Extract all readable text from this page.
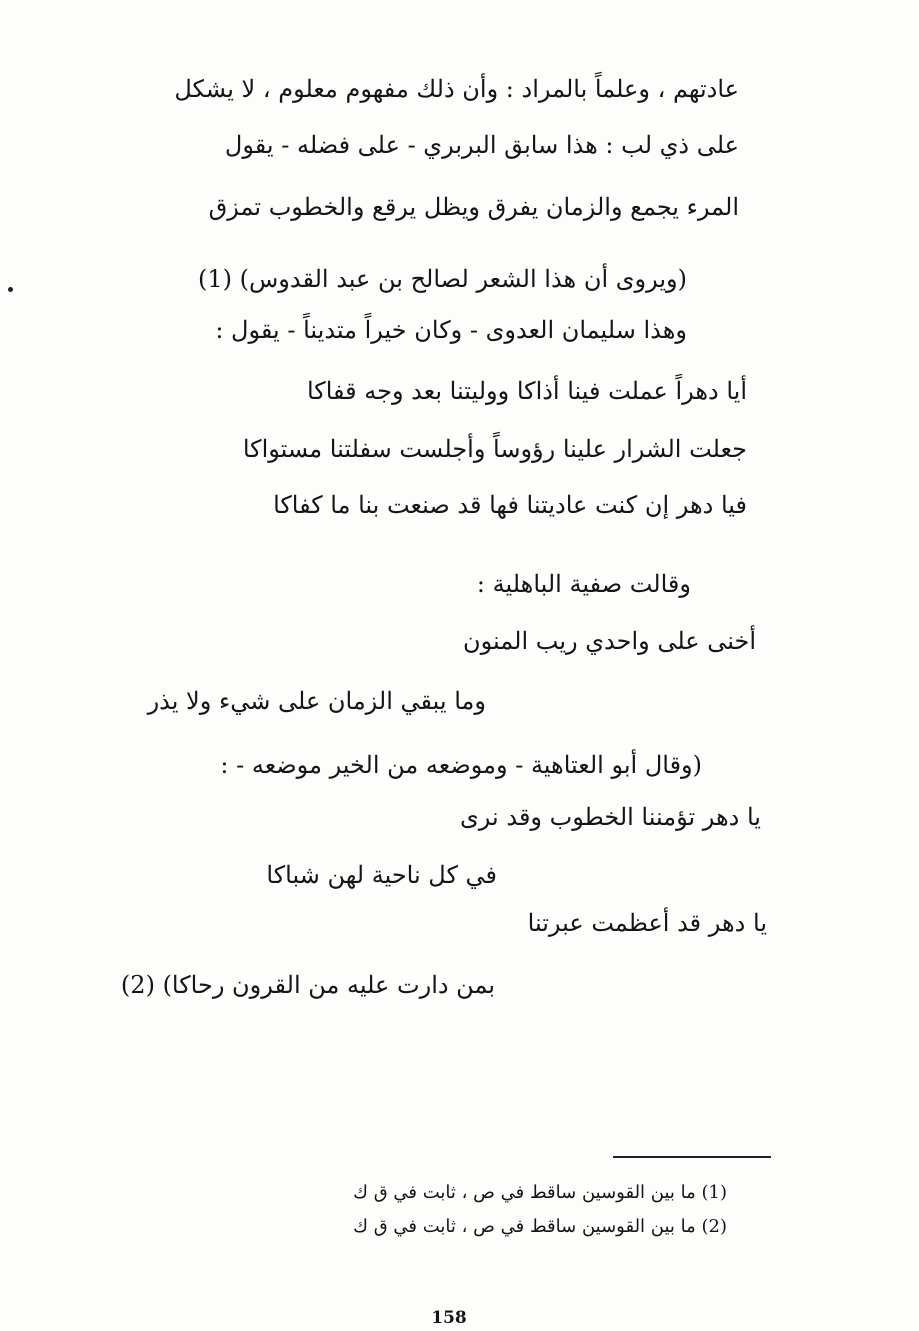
عادتهم ، وعلماً بالمراد : وأن ذلك مفهوم معلوم ، لا يشكل
على ذي لب : هذا سابق البربري - على فضله - يقول
المرء يجمع والزمان يفرق ويظل يرقع والخطوب تمزق
(ويروى أن هذا الشعر لصالح بن عبد القدوس) (1)
وهذا سليمان العدوى - وكان خيراً متديناً - يقول :
أيا دهراً عملت فينا أذاكا ووليتنا بعد وجه قفاكا
جعلت الشرار علينا رؤوساً وأجلست سفلتنا مستواكا
فيا دهر إن كنت عاديتنا فها قد صنعت بنا ما كفاكا
وقالت صفية الباهلية :
أخنى على واحدي ريب المنون
وما يبقي الزمان على شيء ولا يذر
(وقال أبو العتاهية - وموضعه من الخير موضعه - :
يا دهر تؤمننا الخطوب وقد نرى
في كل ناحية لهن شباكا
يا دهر قد أعظمت عبرتنا
بمن دارت عليه من القرون رحاكا) (2)
(1) ما بين القوسين ساقط في ص ، ثابت في ق ك
(2) ما بين القوسين ساقط في ص ، ثابت في ق ك
158
